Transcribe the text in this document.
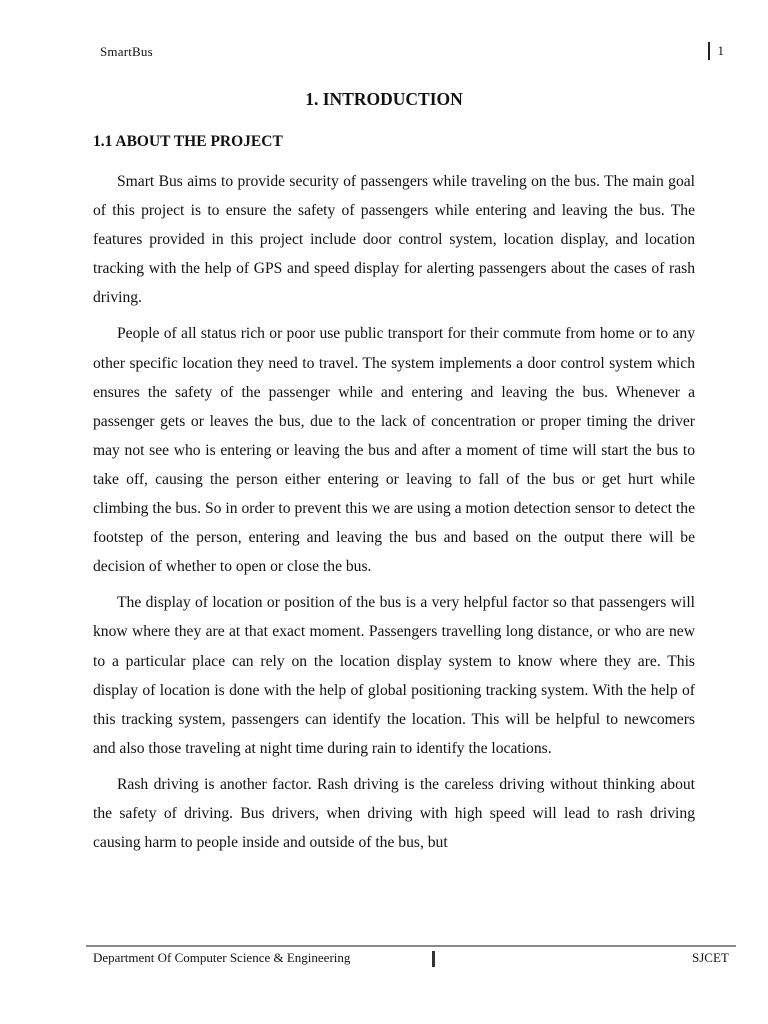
SmartBus	1
1. INTRODUCTION
1.1 ABOUT THE PROJECT

Smart Bus aims to provide security of passengers while traveling on the bus. The main goal of this project is to ensure the safety of passengers while entering and leaving the bus. The features provided in this project include door control system, location display, and location tracking with the help of GPS and speed display for alerting passengers about the cases of rash driving.

People of all status rich or poor use public transport for their commute from home or to any other specific location they need to travel. The system implements a door control system which ensures the safety of the passenger while and entering and leaving the bus. Whenever a passenger gets or leaves the bus, due to the lack of concentration or proper timing the driver may not see who is entering or leaving the bus and after a moment of time will start the bus to take off, causing the person either entering or leaving to fall of the bus or get hurt while climbing the bus. So in order to prevent this we are using a motion detection sensor to detect the footstep of the person, entering and leaving the bus and based on the output there will be decision of whether to open or close the bus.

The display of location or position of the bus is a very helpful factor so that passengers will know where they are at that exact moment. Passengers travelling long distance, or who are new to a particular place can rely on the location display system to know where they are. This display of location is done with the help of global positioning tracking system. With the help of this tracking system, passengers can identify the location. This will be helpful to newcomers and also those traveling at night time during rain to identify the locations.

Rash driving is another factor. Rash driving is the careless driving without thinking about the safety of driving. Bus drivers, when driving with high speed will lead to rash driving causing harm to people inside and outside of the bus, but

Department Of Computer Science & Engineering	SJCET
